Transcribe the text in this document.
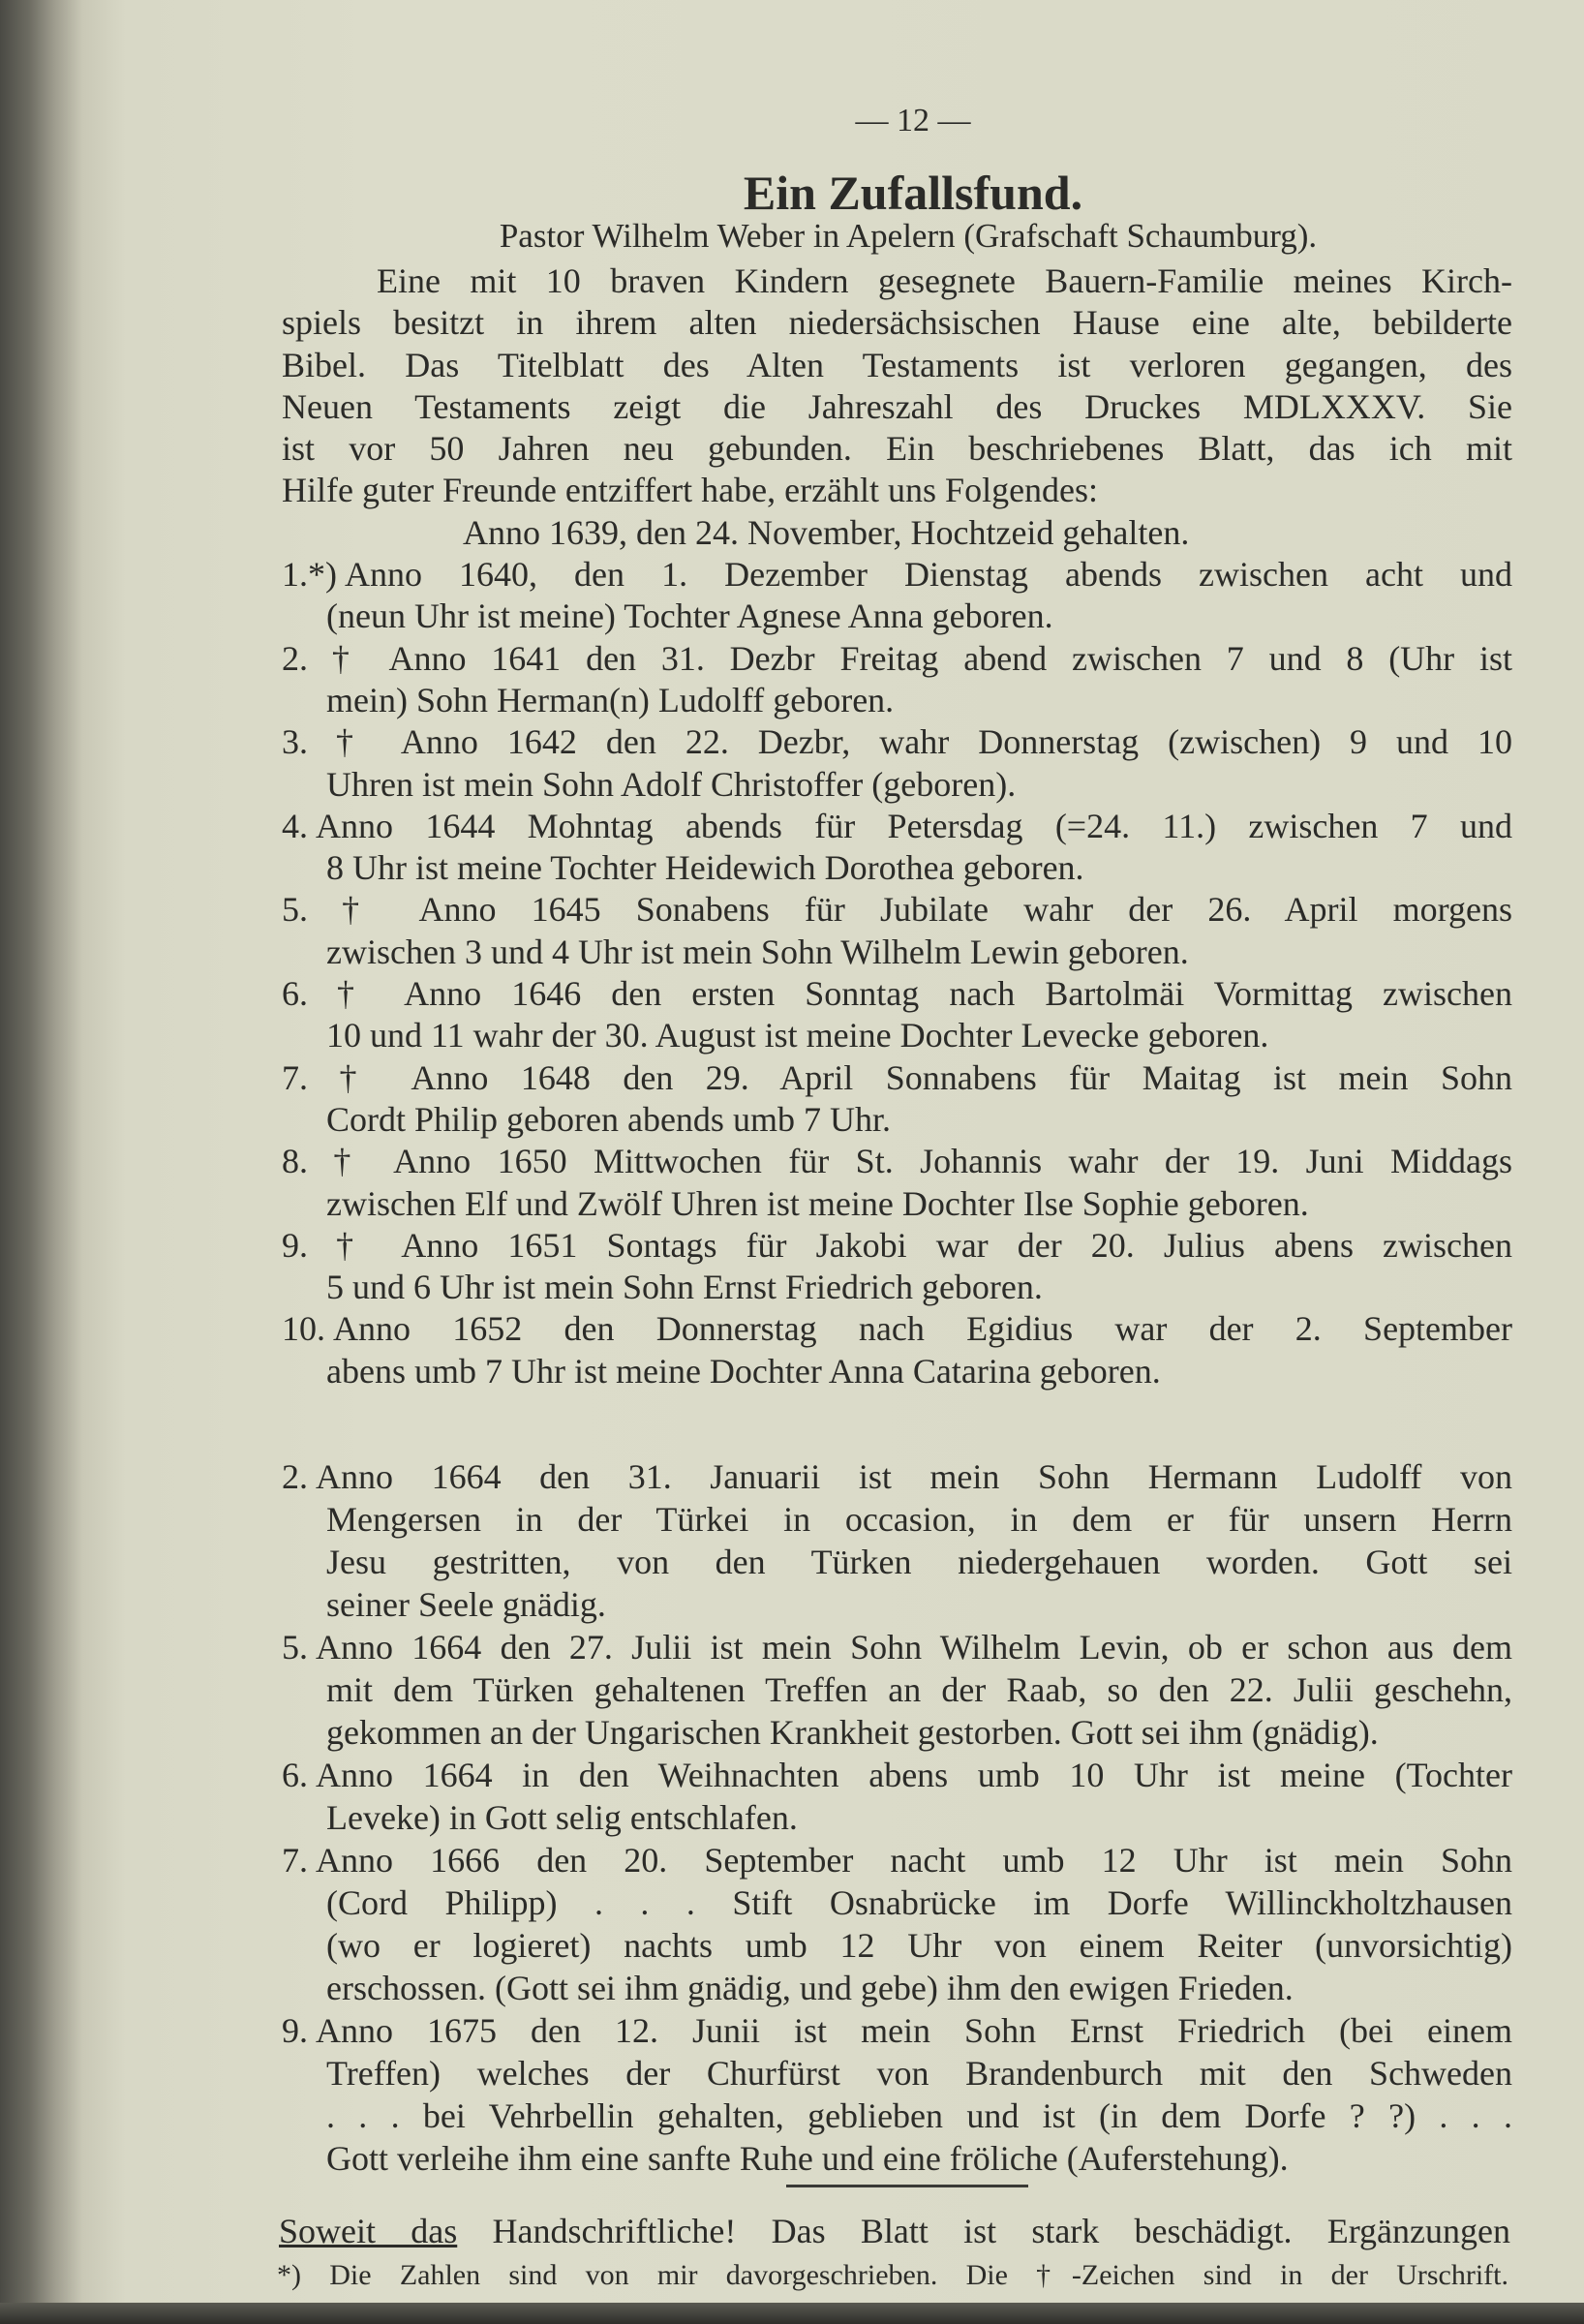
— 12 —
Ein Zufallsfund.
Pastor Wilhelm Weber in Apelern (Grafschaft Schaumburg).
Eine mit 10 braven Kindern gesegnete Bauern-Familie meines Kirch-
spiels besitzt in ihrem alten niedersächsischen Hause eine alte, bebilderte
Bibel. Das Titelblatt des Alten Testaments ist verloren gegangen, des
Neuen Testaments zeigt die Jahreszahl des Druckes MDLXXXV. Sie
ist vor 50 Jahren neu gebunden. Ein beschriebenes Blatt, das ich mit
Hilfe guter Freunde entziffert habe, erzählt uns Folgendes:
Anno 1639, den 24. November, Hochtzeid gehalten.
1.*) Anno 1640, den 1. Dezember Dienstag abends zwischen acht und
(neun Uhr ist meine) Tochter Agnese Anna geboren.
2. † Anno 1641 den 31. Dezbr Freitag abend zwischen 7 und 8 (Uhr ist
mein) Sohn Herman(n) Ludolff geboren.
3. † Anno 1642 den 22. Dezbr, wahr Donnerstag (zwischen) 9 und 10
Uhren ist mein Sohn Adolf Christoffer (geboren).
4. Anno 1644 Mohntag abends für Petersdag (=24. 11.) zwischen 7 und
8 Uhr ist meine Tochter Heidewich Dorothea geboren.
5. † Anno 1645 Sonabens für Jubilate wahr der 26. April morgens
zwischen 3 und 4 Uhr ist mein Sohn Wilhelm Lewin geboren.
6. † Anno 1646 den ersten Sonntag nach Bartolmäi Vormittag zwischen
10 und 11 wahr der 30. August ist meine Dochter Levecke geboren.
7. † Anno 1648 den 29. April Sonnabens für Maitag ist mein Sohn
Cordt Philip geboren abends umb 7 Uhr.
8. † Anno 1650 Mittwochen für St. Johannis wahr der 19. Juni Middags
zwischen Elf und Zwölf Uhren ist meine Dochter Ilse Sophie geboren.
9. † Anno 1651 Sontags für Jakobi war der 20. Julius abens zwischen
5 und 6 Uhr ist mein Sohn Ernst Friedrich geboren.
10. Anno 1652 den Donnerstag nach Egidius war der 2. September
abens umb 7 Uhr ist meine Dochter Anna Catarina geboren.
2. Anno 1664 den 31. Januarii ist mein Sohn Hermann Ludolff von
Mengersen in der Türkei in occasion, in dem er für unsern Herrn
Jesu gestritten, von den Türken niedergehauen worden. Gott sei
seiner Seele gnädig.
5. Anno 1664 den 27. Julii ist mein Sohn Wilhelm Levin, ob er schon aus dem
mit dem Türken gehaltenen Treffen an der Raab, so den 22. Julii geschehn,
gekommen an der Ungarischen Krankheit gestorben. Gott sei ihm (gnädig).
6. Anno 1664 in den Weihnachten abens umb 10 Uhr ist meine (Tochter
Leveke) in Gott selig entschlafen.
7. Anno 1666 den 20. September nacht umb 12 Uhr ist mein Sohn
(Cord Philipp) . . . Stift Osnabrücke im Dorfe Willinckholtzhausen
(wo er logieret) nachts umb 12 Uhr von einem Reiter (unvorsichtig)
erschossen. (Gott sei ihm gnädig, und gebe) ihm den ewigen Frieden.
9. Anno 1675 den 12. Junii ist mein Sohn Ernst Friedrich (bei einem
Treffen) welches der Churfürst von Brandenburch mit den Schweden
. . . bei Vehrbellin gehalten, geblieben und ist (in dem Dorfe ? ?) . . .
Gott verleihe ihm eine sanfte Ruhe und eine fröliche (Auferstehung).
Soweit das Handschriftliche! Das Blatt ist stark beschädigt. Ergänzungen
*) Die Zahlen sind von mir davorgeschrieben. Die †-Zeichen sind in der Urschrift.
